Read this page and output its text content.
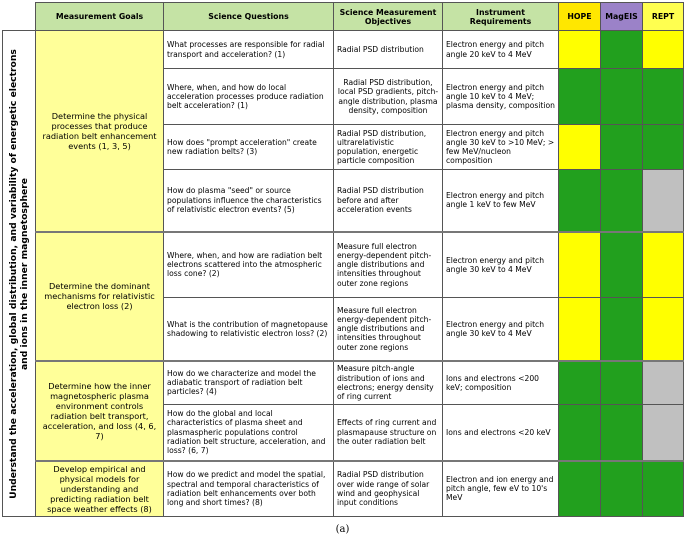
	Measurement Goals	Science Questions	Science Measurement Objectives	Instrument Requirements	HOPE	MagEIS	REPT

Understand the acceleration, global distribution, and variability of energetic electrons and ions in the inner magnetosphere	Determine the physical processes that produce radiation belt enhancement events (1, 3, 5)	What processes are responsible for radial transport and acceleration? (1)	Radial PSD distribution	Electron energy and pitch angle 20 keV to 4 MeV			
		Where, when, and how do local acceleration processes produce radiation belt acceleration? (1)	Radial PSD distribution, local PSD gradients, pitch-angle distribution, plasma density, composition	Electron energy and pitch angle 10 keV to 4 MeV; plasma density, composition			
		How does "prompt acceleration" create new radiation belts? (3)	Radial PSD distribution, ultrarelativistic population, energetic particle composition	Electron energy and pitch angle 30 keV to >10 MeV; > few MeV/nucleon composition			
		How do plasma "seed" or source populations influence the characteristics of relativistic electron events? (5)	Radial PSD distribution before and after acceleration events	Electron energy and pitch angle 1 keV to few MeV			
	Determine the dominant mechanisms for relativistic electron loss (2)	Where, when, and how are radiation belt electrons scattered into the atmospheric loss cone? (2)	Measure full electron energy-dependent pitch-angle distributions and intensities throughout outer zone regions	Electron energy and pitch angle 30 keV to 4 MeV			
		What is the contribution of magnetopause shadowing to relativistic electron loss? (2)	Measure full electron energy-dependent pitch-angle distributions and intensities throughout outer zone regions	Electron energy and pitch angle 30 keV to 4 MeV			
	Determine how the inner magnetospheric plasma environment controls radiation belt transport, acceleration, and loss (4, 6, 7)	How do we characterize and model the adiabatic transport of radiation belt particles? (4)	Measure pitch-angle distribution of ions and electrons; energy density of ring current	Ions and electrons <200 keV; composition			
		How do the global and local characteristics of plasma sheet and plasmaspheric populations control radiation belt structure, acceleration, and loss? (6, 7)	Effects of ring current and plasmapause structure on the outer radiation belt	Ions and electrons <20 keV			
	Develop empirical and physical models for understanding and predicting radiation belt space weather effects (8)	How do we predict and model the spatial, spectral and temporal characteristics of radiation belt enhancements over both long and short times? (8)	Radial PSD distribution over wide range of solar wind and geophysical input conditions	Electron and ion energy and pitch angle, few eV to 10's MeV			
(a)
